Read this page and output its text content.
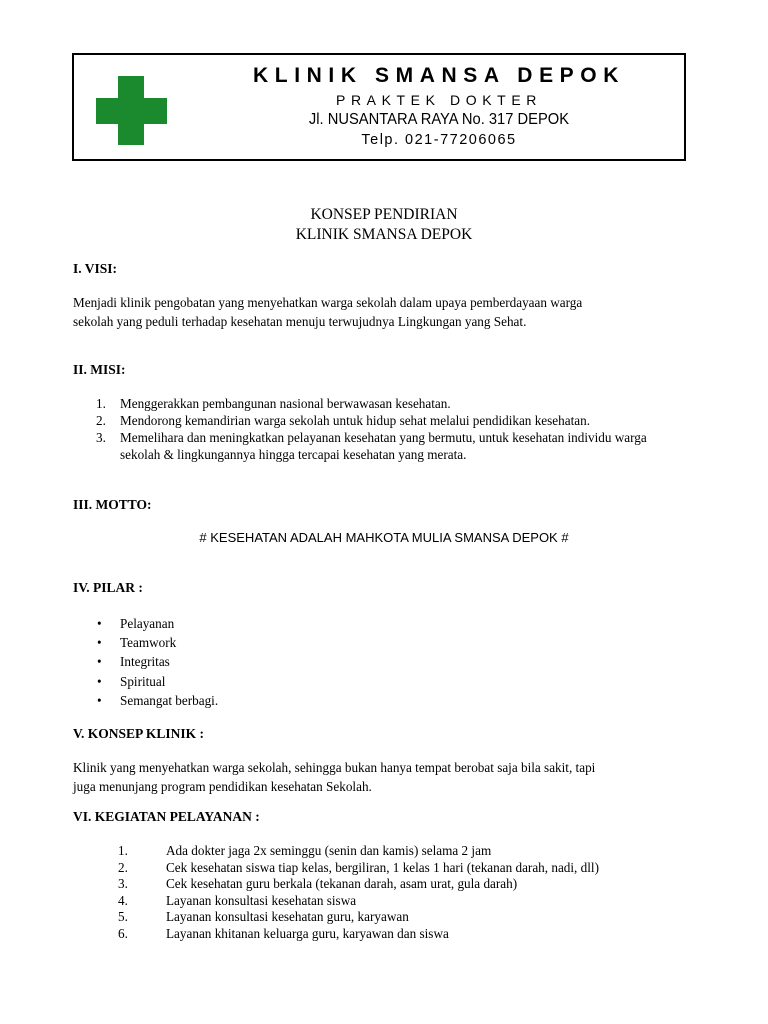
KLINIK SMANSA DEPOK
PRAKTEK DOKTER
Jl. NUSANTARA RAYA No. 317 DEPOK
Telp. 021-77206065
KONSEP PENDIRIAN
KLINIK SMANSA DEPOK
I. VISI:
Menjadi klinik pengobatan yang menyehatkan warga sekolah dalam upaya pemberdayaan warga
sekolah yang peduli terhadap kesehatan menuju terwujudnya Lingkungan yang Sehat.
II. MISI:
1. Menggerakkan pembangunan nasional berwawasan kesehatan.
2. Mendorong kemandirian warga sekolah untuk hidup sehat melalui pendidikan kesehatan.
3. Memelihara dan meningkatkan pelayanan kesehatan yang bermutu, untuk kesehatan individu warga sekolah & lingkungannya hingga tercapai kesehatan yang merata.
III. MOTTO:
# KESEHATAN ADALAH MAHKOTA MULIA SMANSA DEPOK #
IV. PILAR :
• Pelayanan
• Teamwork
• Integritas
• Spiritual
• Semangat berbagi.
V. KONSEP KLINIK :
Klinik yang menyehatkan warga sekolah, sehingga bukan hanya tempat berobat saja bila sakit, tapi
juga menunjang program pendidikan kesehatan Sekolah.
VI. KEGIATAN PELAYANAN :
1.	Ada dokter jaga 2x seminggu (senin dan kamis) selama 2 jam
2.	Cek kesehatan siswa tiap kelas, bergiliran, 1 kelas 1 hari (tekanan darah, nadi, dll)
3.	Cek kesehatan guru berkala (tekanan darah, asam urat, gula darah)
4.	Layanan konsultasi kesehatan siswa
5.	Layanan konsultasi kesehatan guru, karyawan
6.	Layanan khitanan keluarga guru, karyawan dan siswa
